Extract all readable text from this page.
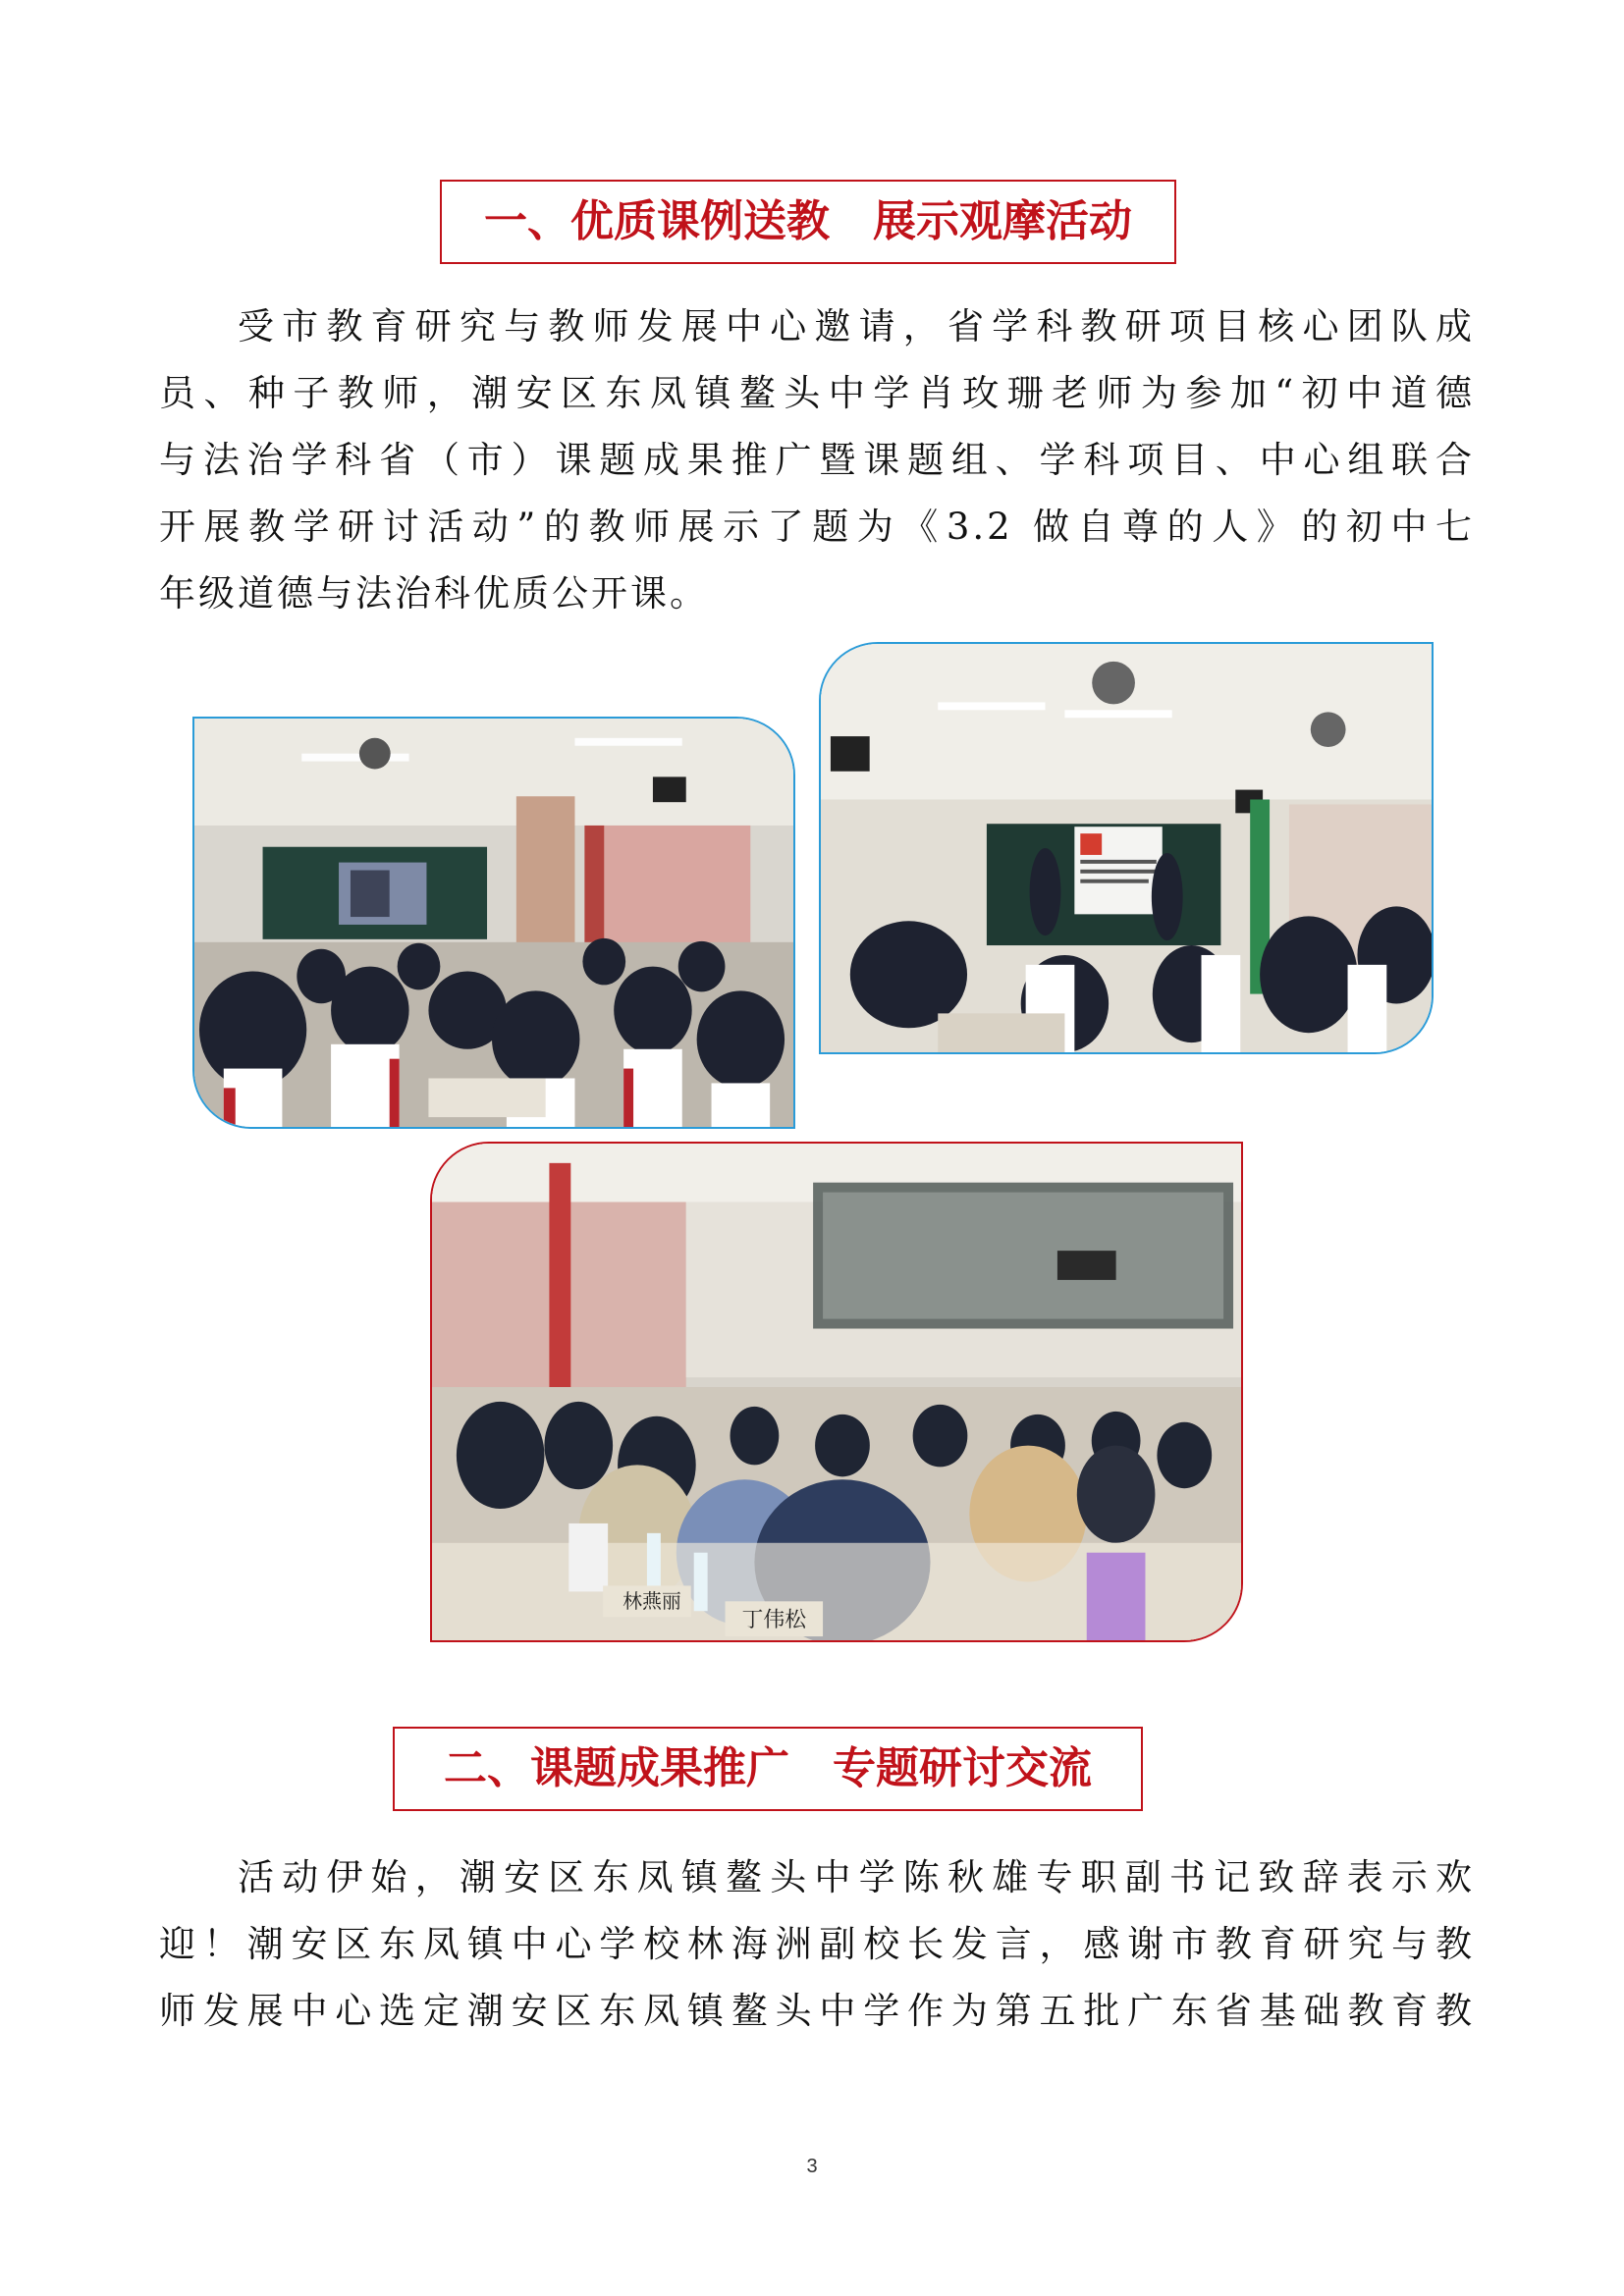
一、优质课例送教　展示观摩活动
受市教育研究与教师发展中心邀请，省学科教研项目核心团队成
员、种子教师，潮安区东凤镇鳌头中学肖玫珊老师为参加“初中道德
与法治学科省（市）课题成果推广暨课题组、学科项目、中心组联合
开展教学研讨活动”的教师展示了题为《3.2 做自尊的人》的初中七
年级道德与法治科优质公开课。
林燕丽
丁伟松
二、课题成果推广　专题研讨交流
活动伊始，潮安区东凤镇鳌头中学陈秋雄专职副书记致辞表示欢
迎！潮安区东凤镇中心学校林海洲副校长发言，感谢市教育研究与教
师发展中心选定潮安区东凤镇鳌头中学作为第五批广东省基础教育教
3
